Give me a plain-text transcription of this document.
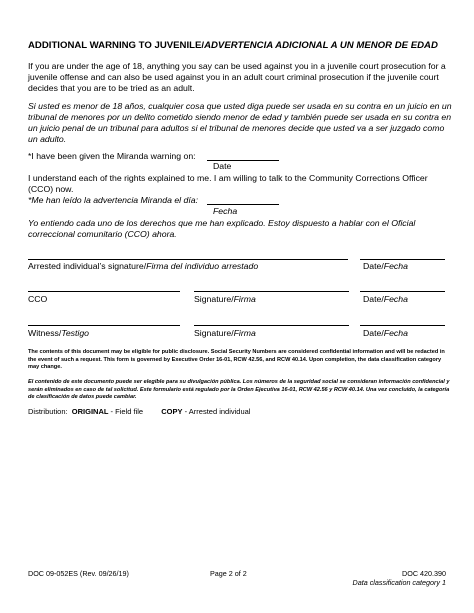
ADDITIONAL WARNING TO JUVENILE/ADVERTENCIA ADICIONAL A UN MENOR DE EDAD
If you are under the age of 18, anything you say can be used against you in a juvenile court prosecution for a juvenile offense and can also be used against you in an adult court criminal prosecution if the juvenile court decides that you are to be tried as an adult.
Si usted es menor de 18 años, cualquier cosa que usted diga puede ser usada en su contra en un juicio en un tribunal de menores por un delito cometido siendo menor de edad y también puede ser usada en su contra en un juicio penal de un tribunal para adultos si el tribunal de menores decide que usted va a ser juzgado como un adulto.
*I have been given the Miranda warning on:
Date
I understand each of the rights explained to me. I am willing to talk to the Community Corrections Officer (CCO) now.
*Me han leído la advertencia Miranda el día:
Fecha
Yo entiendo cada uno de los derechos que me han explicado. Estoy dispuesto a hablar con el Oficial correccional comunitario (CCO) ahora.
Arrested individual’s signature/Firma del individuo arrestado	Date/Fecha
CCO	Signature/Firma	Date/Fecha
Witness/Testigo	Signature/Firma	Date/Fecha
The contents of this document may be eligible for public disclosure. Social Security Numbers are considered confidential information and will be redacted in the event of such a request. This form is governed by Executive Order 16-01, RCW 42.56, and RCW 40.14. Upon completion, the data classification category may change.
El contenido de este documento puede ser elegible para su divulgación pública. Los números de la seguridad social se consideran información confidencial y serán eliminados en caso de tal solicitud. Este formulario está regulado por la Orden Ejecutiva 16-01, RCW 42.56 y RCW 40.14. Una vez concluido, la categoría de clasificación de datos puede cambiar.
Distribution: ORIGINAL - Field file COPY - Arrested individual
DOC 09-052ES (Rev. 09/26/19)	Page 2 of 2	DOC 420.390
Data classification category 1
